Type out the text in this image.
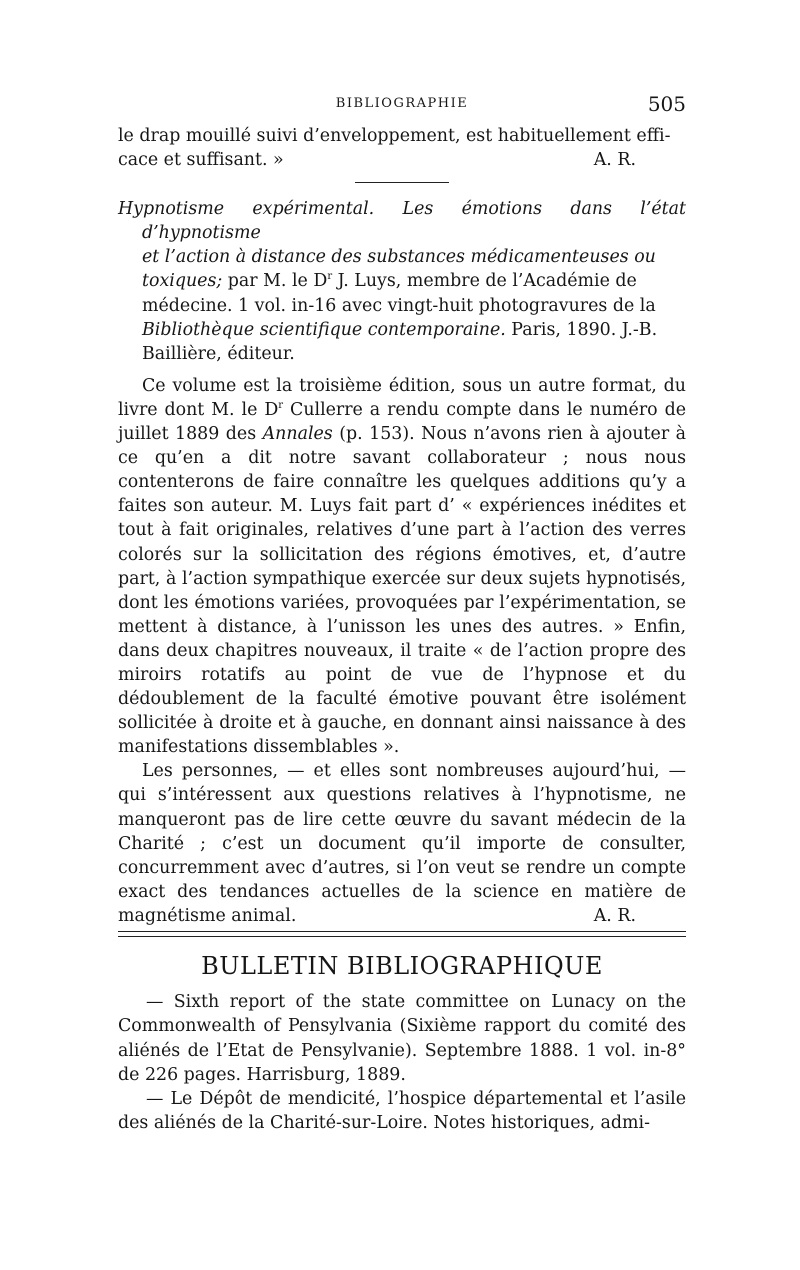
BIBLIOGRAPHIE	505

le drap mouillé suivi d’enveloppement, est habituellement effi-

cace et suffisant. »	A. R.

Hypnotisme expérimental. Les émotions dans l’état d’hypnotisme
et l’action à distance des substances médicamenteuses ou
toxiques; par M. le $D^r$ J. Luys, membre de l’Académie de
médecine. 1 vol. in-16 avec vingt-huit photogravures de la
Bibliothèque scientifique contemporaine. Paris, 1890. J.-B.
Baillière, éditeur.

Ce volume est la troisième édition, sous un autre format, du livre dont M. le $D^r$ Cullerre a rendu compte dans le numéro de juillet 1889 des Annales (p. 153). Nous n’avons rien à ajouter à ce qu’en a dit notre savant collaborateur ; nous nous contenterons de faire connaître les quelques additions qu’y a faites son auteur. M. Luys fait part d’ « expériences inédites et tout à fait originales, relatives d’une part à l’action des verres colorés sur la sollicitation des régions émotives, et, d’autre part, à l’action sympathique exercée sur deux sujets hypnotisés, dont les émotions variées, provoquées par l’expérimentation, se mettent à distance, à l’unisson les unes des autres. » Enfin, dans deux chapitres nouveaux, il traite « de l’action propre des miroirs rotatifs au point de vue de l’hypnose et du dédoublement de la faculté émotive pouvant être isolément sollicitée à droite et à gauche, en donnant ainsi naissance à des manifestations dissemblables ».

Les personnes, — et elles sont nombreuses aujourd’hui, — qui s’intéressent aux questions relatives à l’hypnotisme, ne manqueront pas de lire cette œuvre du savant médecin de la Charité ; c’est un document qu’il importe de consulter, concurremment avec d’autres, si l’on veut se rendre un compte exact des tendances actuelles de la science en matière de magnétisme animal.	A. R.

BULLETIN BIBLIOGRAPHIQUE

— Sixth report of the state committee on Lunacy on the Commonwealth of Pensylvania (Sixième rapport du comité des aliénés de l’Etat de Pensylvanie). Septembre 1888. 1 vol. in-8° de 226 pages. Harrisburg, 1889.

— Le Dépôt de mendicité, l’hospice départemental et l’asile des aliénés de la Charité-sur-Loire. Notes historiques, admi-
